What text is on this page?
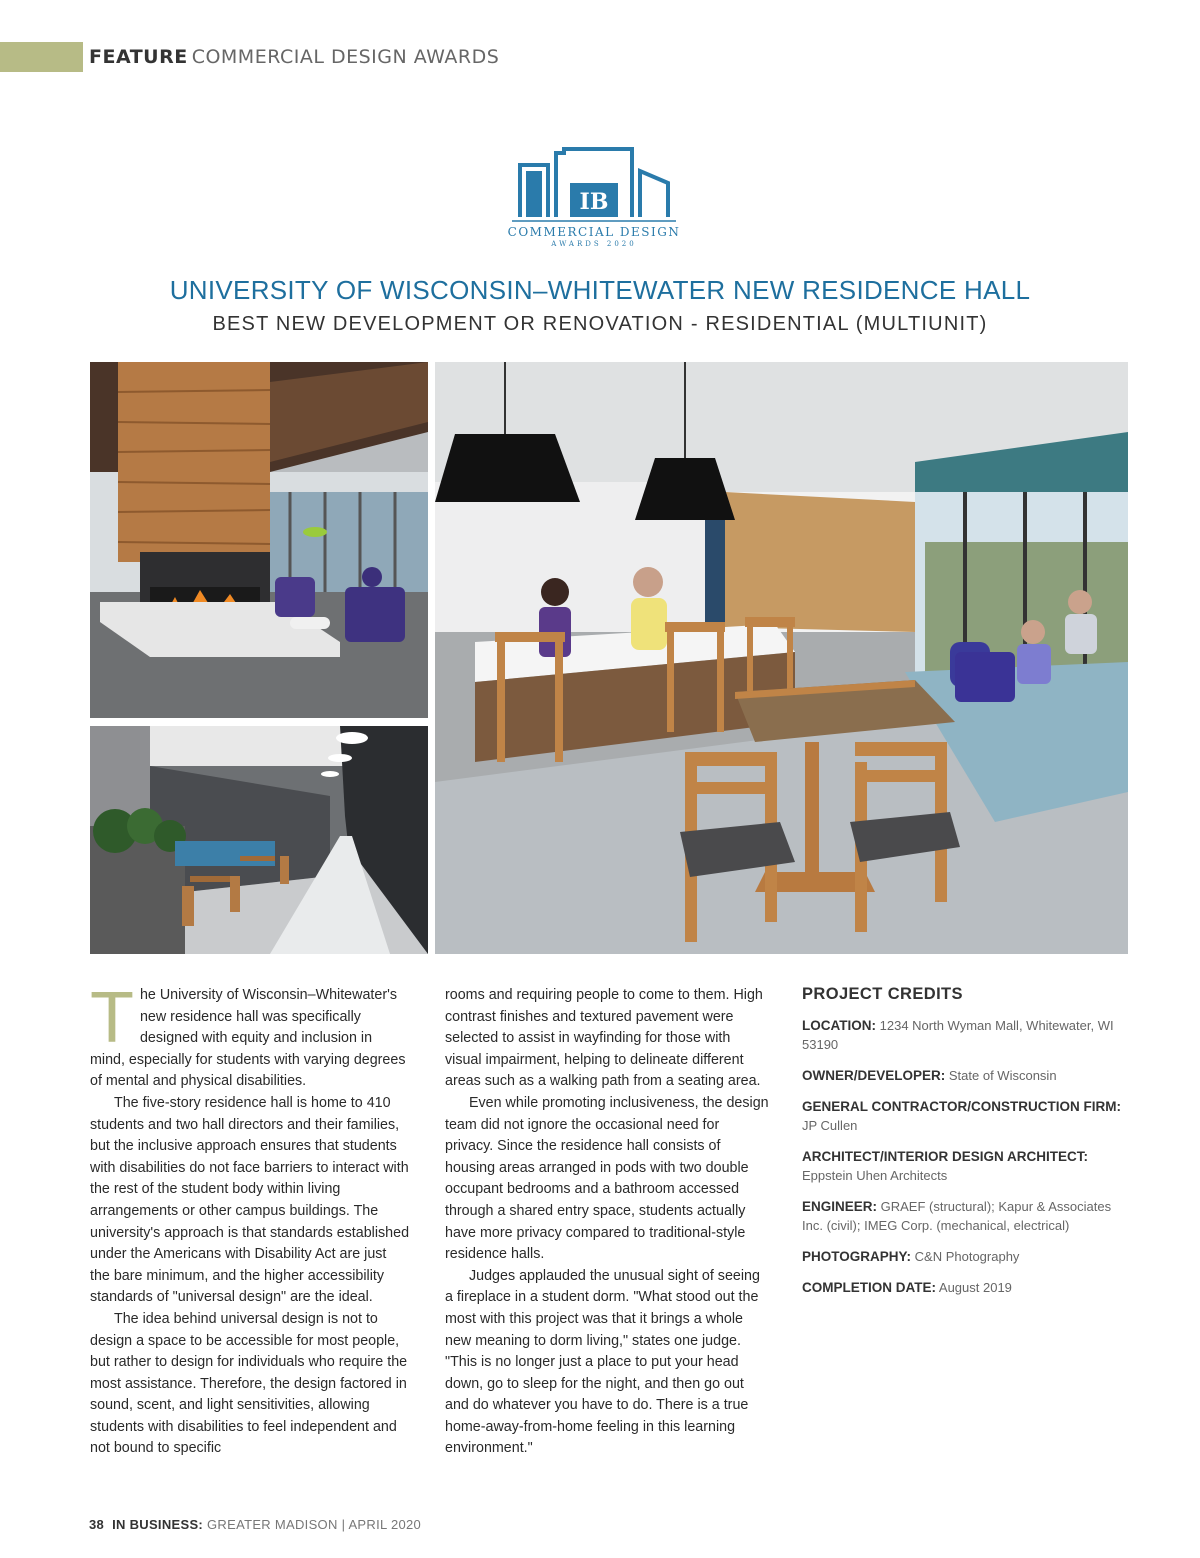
FEATURE COMMERCIAL DESIGN AWARDS
IB
COMMERCIAL DESIGN
AWARDS 2020
UNIVERSITY OF WISCONSIN–WHITEWATER NEW RESIDENCE HALL
BEST NEW DEVELOPMENT OR RENOVATION - RESIDENTIAL (MULTIUNIT)

The University of Wisconsin–Whitewater's new residence hall was specifically designed with equity and inclusion in mind, especially for students with varying degrees of mental and physical disabilities.

The five-story residence hall is home to 410 students and two hall directors and their families, but the inclusive approach ensures that students with disabilities do not face barriers to interact with the rest of the student body within living arrangements or other campus buildings. The university's approach is that standards established under the Americans with Disability Act are just the bare minimum, and the higher accessibility standards of "universal design" are the ideal.

The idea behind universal design is not to design a space to be accessible for most people, but rather to design for individuals who require the most assistance. Therefore, the design factored in sound, scent, and light sensitivities, allowing students with disabilities to feel independent and not bound to specific

rooms and requiring people to come to them. High contrast finishes and textured pavement were selected to assist in wayfinding for those with visual impairment, helping to delineate different areas such as a walking path from a seating area.

Even while promoting inclusiveness, the design team did not ignore the occasional need for privacy. Since the residence hall consists of housing areas arranged in pods with two double occupant bedrooms and a bathroom accessed through a shared entry space, students actually have more privacy compared to traditional-style residence halls.

Judges applauded the unusual sight of seeing a fireplace in a student dorm. "What stood out the most with this project was that it brings a whole new meaning to dorm living," states one judge. "This is no longer just a place to put your head down, go to sleep for the night, and then go out and do whatever you have to do. There is a true home-away-from-home feeling in this learning environment."

PROJECT CREDITS
LOCATION: 1234 North Wyman Mall, Whitewater, WI 53190
OWNER/DEVELOPER: State of Wisconsin
GENERAL CONTRACTOR/CONSTRUCTION FIRM:
JP Cullen
ARCHITECT/INTERIOR DESIGN ARCHITECT:
Eppstein Uhen Architects
ENGINEER: GRAEF (structural); Kapur & Associates Inc. (civil); IMEG Corp. (mechanical, electrical)
PHOTOGRAPHY: C&N Photography
COMPLETION DATE: August 2019
38 IN BUSINESS: GREATER MADISON | APRIL 2020
